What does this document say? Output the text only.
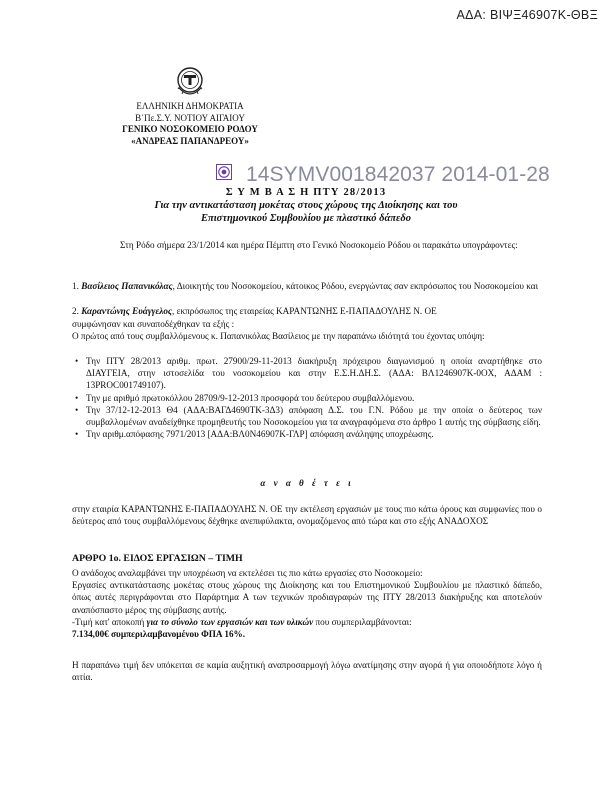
ΑΔΑ: ΒΙΨΞ46907Κ-ΘΒΞ
ΕΛΛΗΝΙΚΗ ΔΗΜΟΚΡΑΤΙΑ
Β΄Πε.Σ.Υ. ΝΟΤΙΟΥ ΑΙΓΑΙΟΥ
ΓΕΝΙΚΟ ΝΟΣΟΚΟΜΕΙΟ ΡΟΔΟΥ
«ΑΝΔΡΕΑΣ ΠΑΠΑΝΔΡΕΟΥ»
14SYMV001842037 2014-01-28
Σ Υ Μ Β Α Σ Η ΠΤΥ 28/2013
Για την αντικατάσταση μοκέτας στους χώρους της Διοίκησης και του
Επιστημονικού Συμβουλίου με πλαστικό δάπεδο
Στη Ρόδο σήμερα 23/1/2014 και ημέρα Πέμπτη στο Γενικό Νοσοκομείο Ρόδου οι παρακάτω υπογράφοντες:
1. Βασίλειος Παπανικόλας, Διοικητής του Νοσοκομείου, κάτοικος Ρόδου, ενεργώντας σαν εκπρόσωπος του Νοσοκομείου και
2. Καραντώνης Ευάγγελος, εκπρόσωπος της εταιρείας ΚΑΡΑΝΤΩΝΗΣ Ε-ΠΑΠΑΔΟΥΛΗΣ Ν. ΟΕ
συμφώνησαν και συναποδέχθηκαν τα εξής :
Ο πρώτος από τους συμβαλλόμενους κ. Παπανικόλας Βασίλειος με την παραπάνω ιδιότητά του έχοντας υπόψη:
• Την ΠΤΥ 28/2013 αριθμ. πρωτ. 27900/29-11-2013 διακήρυξη πρόχειρου διαγωνισμού η οποία αναρτήθηκε στο ΔΙΑΥΓΕΙΑ, στην ιστοσελίδα του νοσοκομείου και στην Ε.Σ.Η.ΔΗ.Σ. (ΑΔΑ: ΒΛ1246907Κ-0ΟΧ, ΑΔΑΜ : 13PROC001749107).
• Την με αριθμό πρωτοκόλλου 28709/9-12-2013 προσφορά του δεύτερου συμβαλλόμενου.
• Την 37/12-12-2013 Θ4 (ΑΔΑ:ΒΑΓΔ4690ΤΚ-3Δ3) απόφαση Δ.Σ. του Γ.Ν. Ρόδου με την οποία ο δεύτερος των συμβαλλομένων αναδείχθηκε προμηθευτής του Νοσοκομείου για τα αναγραφόμενα στο άρθρο 1 αυτής της σύμβασης είδη.
• Την αριθμ.απόφασης 7971/2013 [ΑΔΑ:ΒΛ0Ν46907Κ-ΓΛΡ] απόφαση ανάληψης υποχρέωσης.
α ν α θ έ τ ε ι
στην εταιρία ΚΑΡΑΝΤΩΝΗΣ Ε-ΠΑΠΑΔΟΥΛΗΣ Ν. ΟΕ την εκτέλεση εργασιών με τους πιο κάτω όρους και συμφωνίες που ο δεύτερος από τους συμβαλλόμενους δέχθηκε ανεπιφύλακτα, ονομαζόμενος από τώρα και στο εξής ΑΝΑΔΟΧΟΣ
ΑΡΘΡΟ 1ο. ΕΙΔΟΣ ΕΡΓΑΣΙΩΝ – ΤΙΜΗ
Ο ανάδοχος αναλαμβάνει την υποχρέωση να εκτελέσει τις πιο κάτω εργασίες στο Νοσοκομείο:
Εργασίες αντικατάστασης μοκέτας στους χώρους της Διοίκησης και του Επιστημονικού Συμβουλίου με πλαστικό δάπεδο, όπως αυτές περιγράφονται στο Παράρτημα Α των τεχνικών προδιαγραφών της ΠΤΥ 28/2013 διακήρυξης και αποτελούν αναπόσπαστο μέρος της σύμβασης αυτής.
-Τιμή κατ' αποκοπή για το σύνολο των εργασιών και των υλικών που συμπεριλαμβάνονται:
7.134,00€ συμπεριλαμβανομένου ΦΠΑ 16%.
Η παραπάνω τιμή δεν υπόκειται σε καμία αυξητική αναπροσαρμογή λόγω ανατίμησης στην αγορά ή για οποιοδήποτε λόγο ή αιτία.
